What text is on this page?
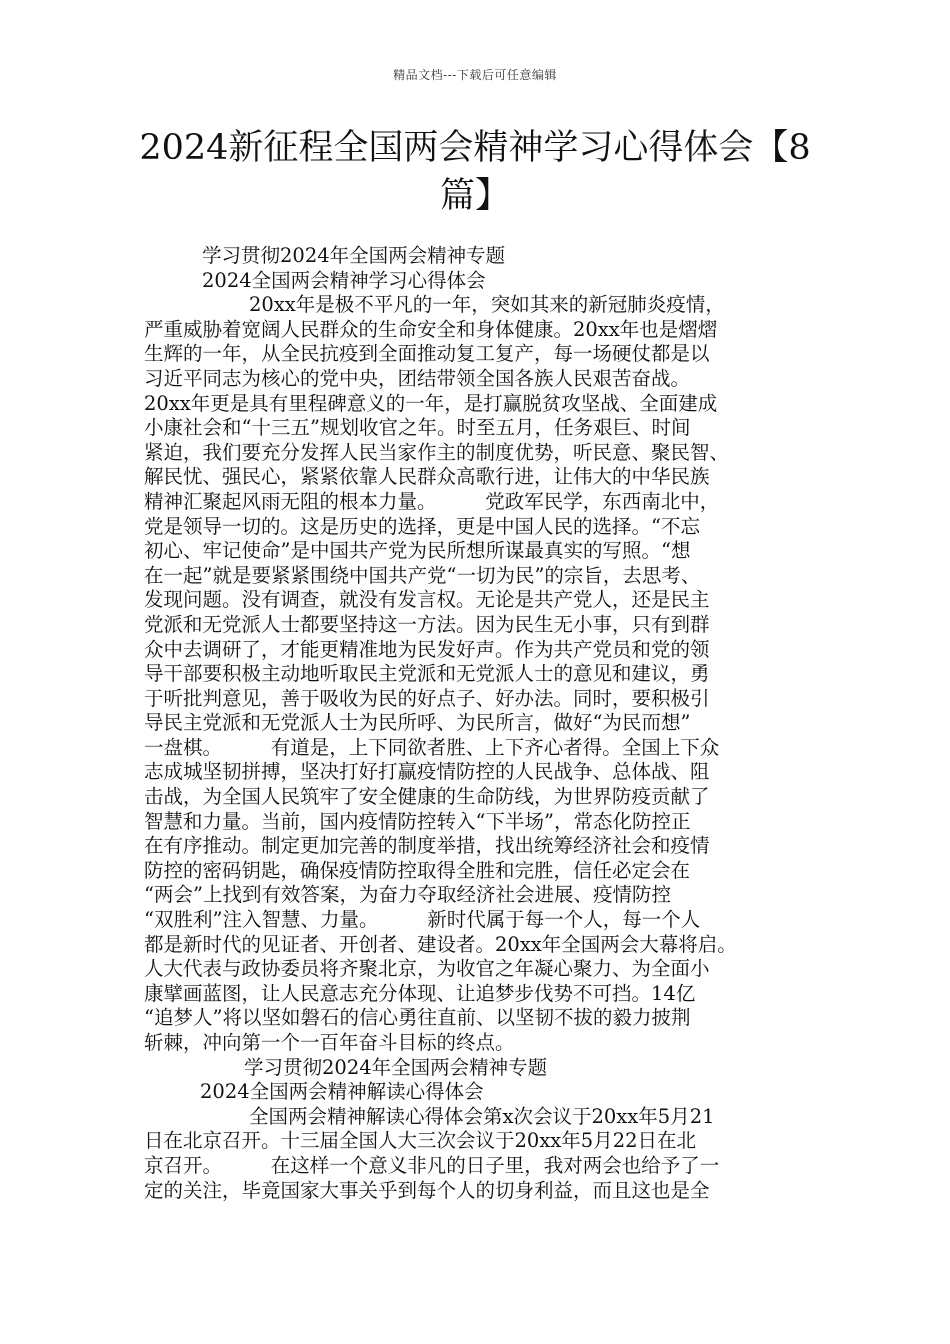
精品文档---下载后可任意编辑
2024新征程全国两会精神学习心得体会【8篇】
学习贯彻2024年全国两会精神专题
2024全国两会精神学习心得体会
20xx年是极不平凡的一年，突如其来的新冠肺炎疫情，
严重威胁着宽阔人民群众的生命安全和身体健康。20xx年也是熠熠
生辉的一年，从全民抗疫到全面推动复工复产，每一场硬仗都是以
习近平同志为核心的党中央，团结带领全国各族人民艰苦奋战。
20xx年更是具有里程碑意义的一年，是打赢脱贫攻坚战、全面建成
小康社会和“十三五”规划收官之年。时至五月，任务艰巨、时间
紧迫，我们要充分发挥人民当家作主的制度优势，听民意、聚民智、
解民忧、强民心，紧紧依靠人民群众高歌行进，让伟大的中华民族
精神汇聚起风雨无阻的根本力量。　　　党政军民学，东西南北中，
党是领导一切的。这是历史的选择，更是中国人民的选择。“不忘
初心、牢记使命”是中国共产党为民所想所谋最真实的写照。“想
在一起”就是要紧紧围绕中国共产党“一切为民”的宗旨，去思考、
发现问题。没有调查，就没有发言权。无论是共产党人，还是民主
党派和无党派人士都要坚持这一方法。因为民生无小事，只有到群
众中去调研了，才能更精准地为民发好声。作为共产党员和党的领
导干部要积极主动地听取民主党派和无党派人士的意见和建议，勇
于听批判意见，善于吸收为民的好点子、好办法。同时，要积极引
导民主党派和无党派人士为民所呼、为民所言，做好“为民而想”
一盘棋。　　　有道是，上下同欲者胜、上下齐心者得。全国上下众
志成城坚韧拼搏，坚决打好打赢疫情防控的人民战争、总体战、阻
击战，为全国人民筑牢了安全健康的生命防线，为世界防疫贡献了
智慧和力量。当前，国内疫情防控转入“下半场”，常态化防控正
在有序推动。制定更加完善的制度举措，找出统筹经济社会和疫情
防控的密码钥匙，确保疫情防控取得全胜和完胜，信任必定会在
“两会”上找到有效答案，为奋力夺取经济社会进展、疫情防控
“双胜利”注入智慧、力量。　　　新时代属于每一个人，每一个人
都是新时代的见证者、开创者、建设者。20xx年全国两会大幕将启。
人大代表与政协委员将齐聚北京，为收官之年凝心聚力、为全面小
康擘画蓝图，让人民意志充分体现、让追梦步伐势不可挡。14亿
“追梦人”将以坚如磐石的信心勇往直前、以坚韧不拔的毅力披荆
斩棘，冲向第一个一百年奋斗目标的终点。
学习贯彻2024年全国两会精神专题
2024全国两会精神解读心得体会
全国两会精神解读心得体会第x次会议于20xx年5月21
日在北京召开。十三届全国人大三次会议于20xx年5月22日在北
京召开。　　　在这样一个意义非凡的日子里，我对两会也给予了一
定的关注，毕竟国家大事关乎到每个人的切身利益，而且这也是全
